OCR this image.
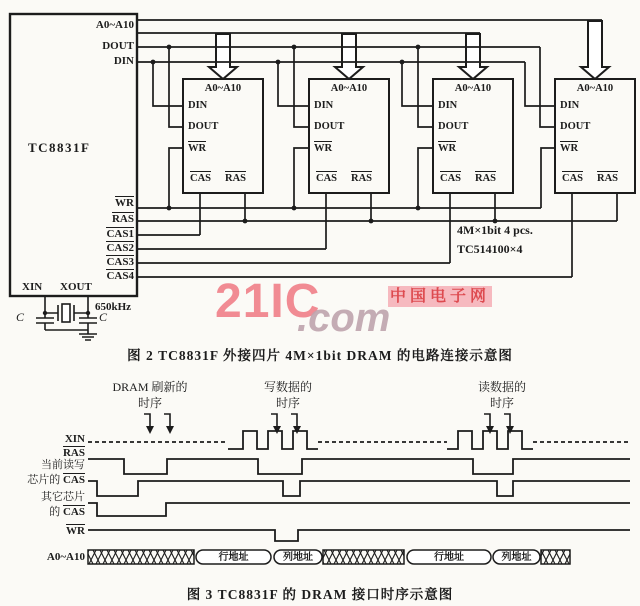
TC8831F
A0~A10
DOUT
DIN
WR
RAS
CAS1
CAS2
CAS3
CAS4
XIN XOUT
A0~A10
DIN
DOUT
WR
CAS RAS
A0~A10
DIN
DOUT
WR
CAS RAS
A0~A10
DIN
DOUT
WR
CAS RAS
A0~A10
DIN
DOUT
WR
CAS RAS
650kHz
C	C
4M×1bit 4 pcs.
TC514100×4
图 2 TC8831F 外接四片 4M×1bit DRAM 的电路连接示意图
21IC	中国电子网
.com
DRAM 刷新的
时序
写数据的
时序
读数据的
时序
XIN
RAS
当前读写
芯片的 CAS
其它芯片
的 CAS
WR
A0~A10	行地址	列地址	行地址	列地址
图 3 TC8831F 的 DRAM 接口时序示意图
